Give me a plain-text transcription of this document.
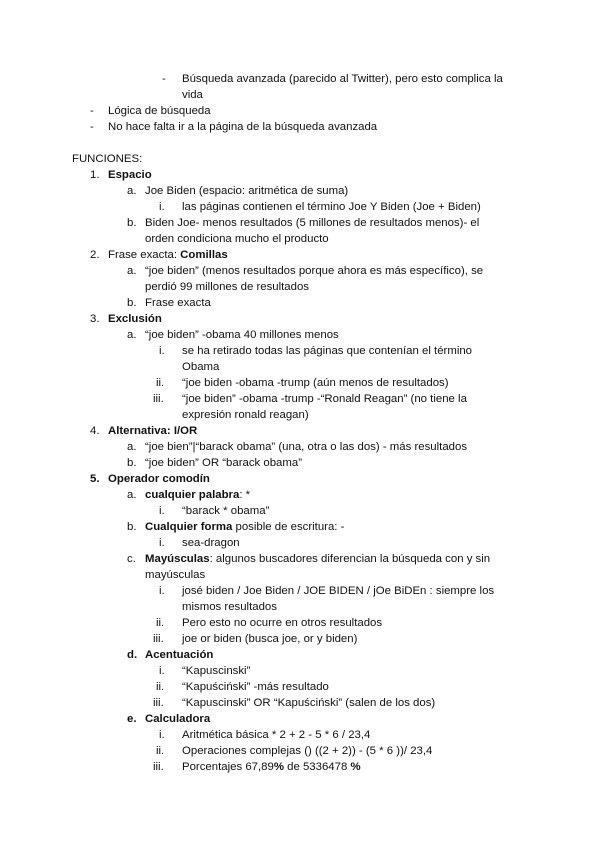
- Búsqueda avanzada (parecido al Twitter), pero esto complica la
vida
- Lógica de búsqueda
- No hace falta ir a la página de la búsqueda avanzada
FUNCIONES:
1. Espacio
a. Joe Biden (espacio: aritmética de suma)
i. las páginas contienen el término Joe Y Biden (Joe + Biden)
b. Biden Joe- menos resultados (5 millones de resultados menos)- el
orden condiciona mucho el producto
2. Frase exacta: Comillas
a. “joe biden” (menos resultados porque ahora es más específico), se
perdió 99 millones de resultados
b. Frase exacta
3. Exclusión
a. “joe biden” -obama 40 millones menos
i. se ha retirado todas las páginas que contenían el término
Obama
ii. “joe biden -obama -trump (aún menos de resultados)
iii. “joe biden” -obama -trump -“Ronald Reagan” (no tiene la
expresión ronald reagan)
4. Alternativa: I/OR
a. “joe bien”|“barack obama” (una, otra o las dos) - más resultados
b. “joe biden” OR “barack obama”
5. Operador comodín
a. cualquier palabra: *
i. “barack * obama”
b. Cualquier forma posible de escritura: -
i. sea-dragon
c. Mayúsculas: algunos buscadores diferencian la búsqueda con y sin
mayúsculas
i. josé biden / Joe Biden / JOE BIDEN / jOe BiDEn : siempre los
mismos resultados
ii. Pero esto no ocurre en otros resultados
iii. joe or biden (busca joe, or y biden)
d. Acentuación
i. “Kapuscinski”
ii. “Kapuściński” -más resultado
iii. “Kapuscinski” OR “Kapuściński” (salen de los dos)
e. Calculadora
i. Aritmética básica * 2 + 2 - 5 * 6 / 23,4
ii. Operaciones complejas () ((2 + 2)) - (5 * 6 ))/ 23,4
iii. Porcentajes 67,89% de 5336478 %
